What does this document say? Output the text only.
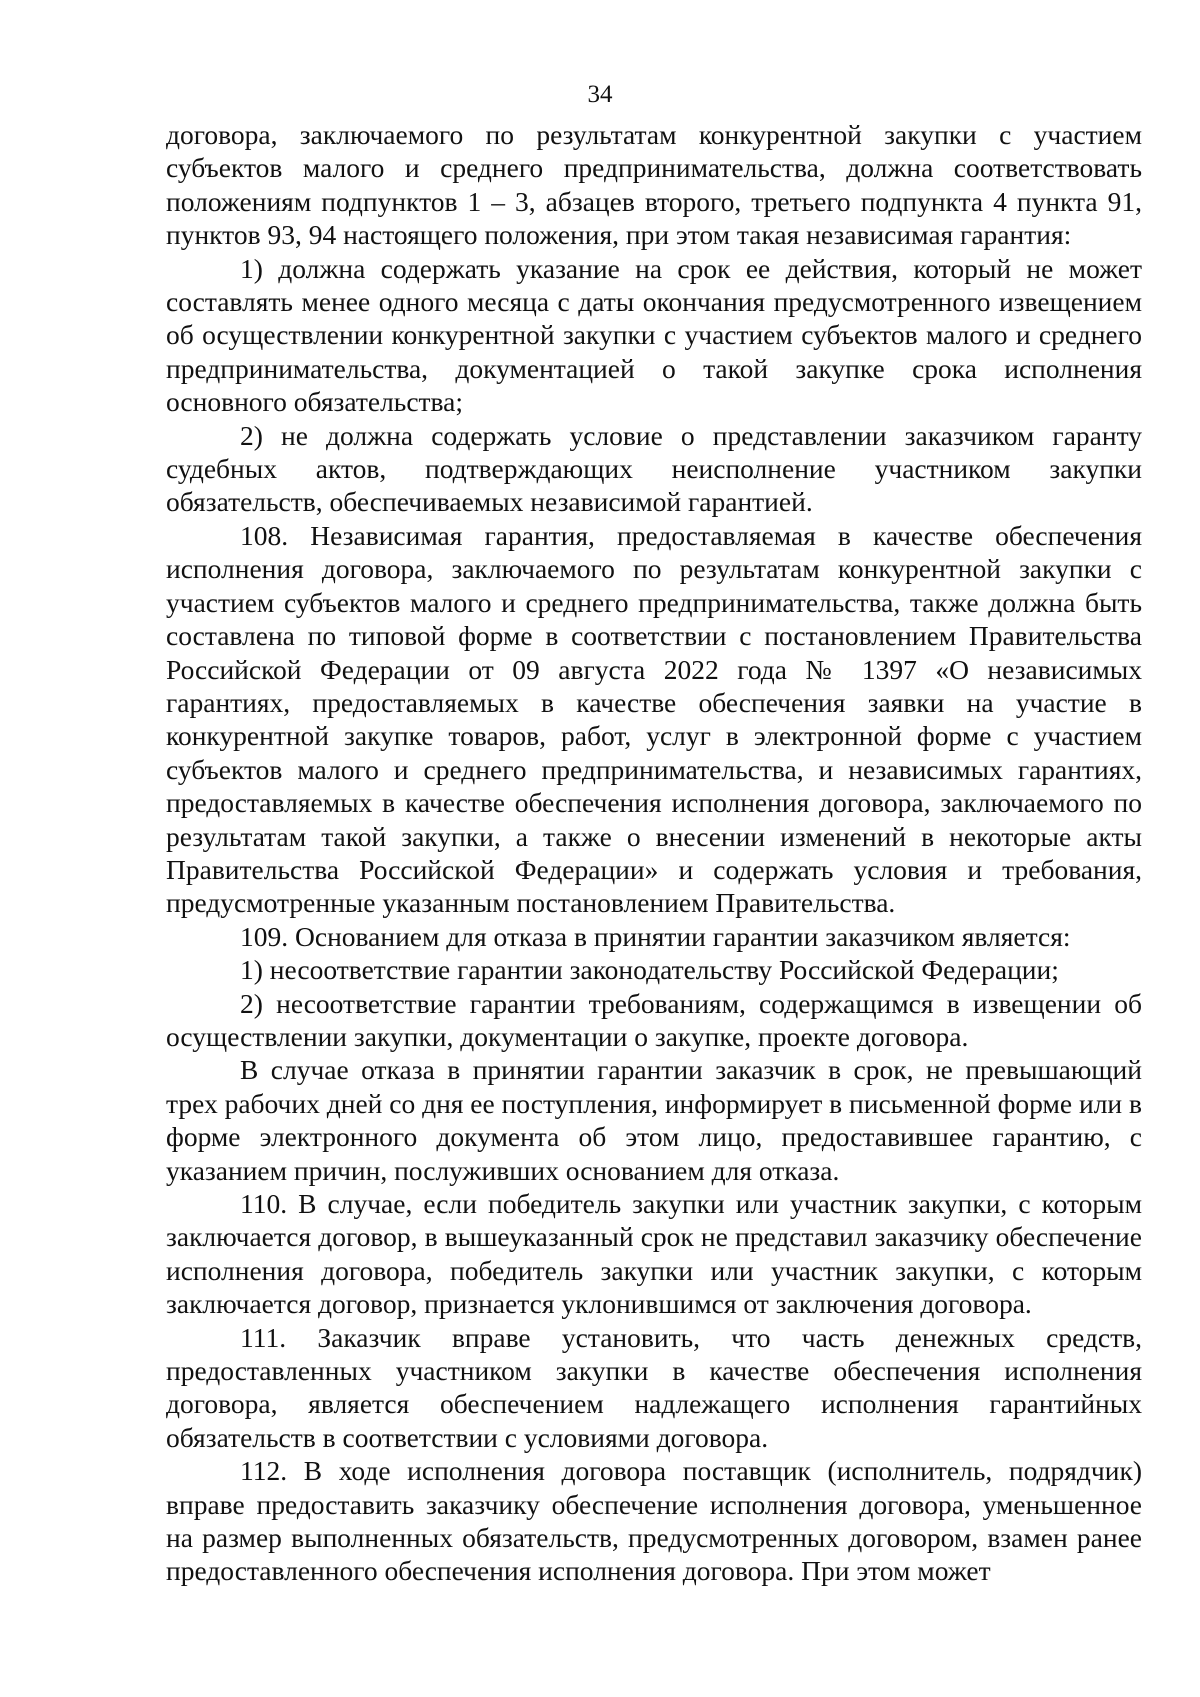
34

договора, заключаемого по результатам конкурентной закупки с участием субъектов малого и среднего предпринимательства, должна соответствовать положениям подпунктов 1 – 3, абзацев второго, третьего подпункта 4 пункта 91, пунктов 93, 94 настоящего положения, при этом такая независимая гарантия:

1) должна содержать указание на срок ее действия, который не может составлять менее одного месяца с даты окончания предусмотренного извещением об осуществлении конкурентной закупки с участием субъектов малого и среднего предпринимательства, документацией о такой закупке срока исполнения основного обязательства;

2) не должна содержать условие о представлении заказчиком гаранту судебных актов, подтверждающих неисполнение участником закупки обязательств, обеспечиваемых независимой гарантией.

108. Независимая гарантия, предоставляемая в качестве обеспечения исполнения договора, заключаемого по результатам конкурентной закупки с участием субъектов малого и среднего предпринимательства, также должна быть составлена по типовой форме в соответствии с постановлением Правительства Российской Федерации от 09 августа 2022 года № 1397 «О независимых гарантиях, предоставляемых в качестве обеспечения заявки на участие в конкурентной закупке товаров, работ, услуг в электронной форме с участием субъектов малого и среднего предпринимательства, и независимых гарантиях, предоставляемых в качестве обеспечения исполнения договора, заключаемого по результатам такой закупки, а также о внесении изменений в некоторые акты Правительства Российской Федерации» и содержать условия и требования, предусмотренные указанным постановлением Правительства.

109. Основанием для отказа в принятии гарантии заказчиком является:

1) несоответствие гарантии законодательству Российской Федерации;

2) несоответствие гарантии требованиям, содержащимся в извещении об осуществлении закупки, документации о закупке, проекте договора.

В случае отказа в принятии гарантии заказчик в срок, не превышающий трех рабочих дней со дня ее поступления, информирует в письменной форме или в форме электронного документа об этом лицо, предоставившее гарантию, с указанием причин, послуживших основанием для отказа.

110. В случае, если победитель закупки или участник закупки, с которым заключается договор, в вышеуказанный срок не представил заказчику обеспечение исполнения договора, победитель закупки или участник закупки, с которым заключается договор, признается уклонившимся от заключения договора.

111. Заказчик вправе установить, что часть денежных средств, предоставленных участником закупки в качестве обеспечения исполнения договора, является обеспечением надлежащего исполнения гарантийных обязательств в соответствии с условиями договора.

112. В ходе исполнения договора поставщик (исполнитель, подрядчик) вправе предоставить заказчику обеспечение исполнения договора, уменьшенное на размер выполненных обязательств, предусмотренных договором, взамен ранее предоставленного обеспечения исполнения договора. При этом может
